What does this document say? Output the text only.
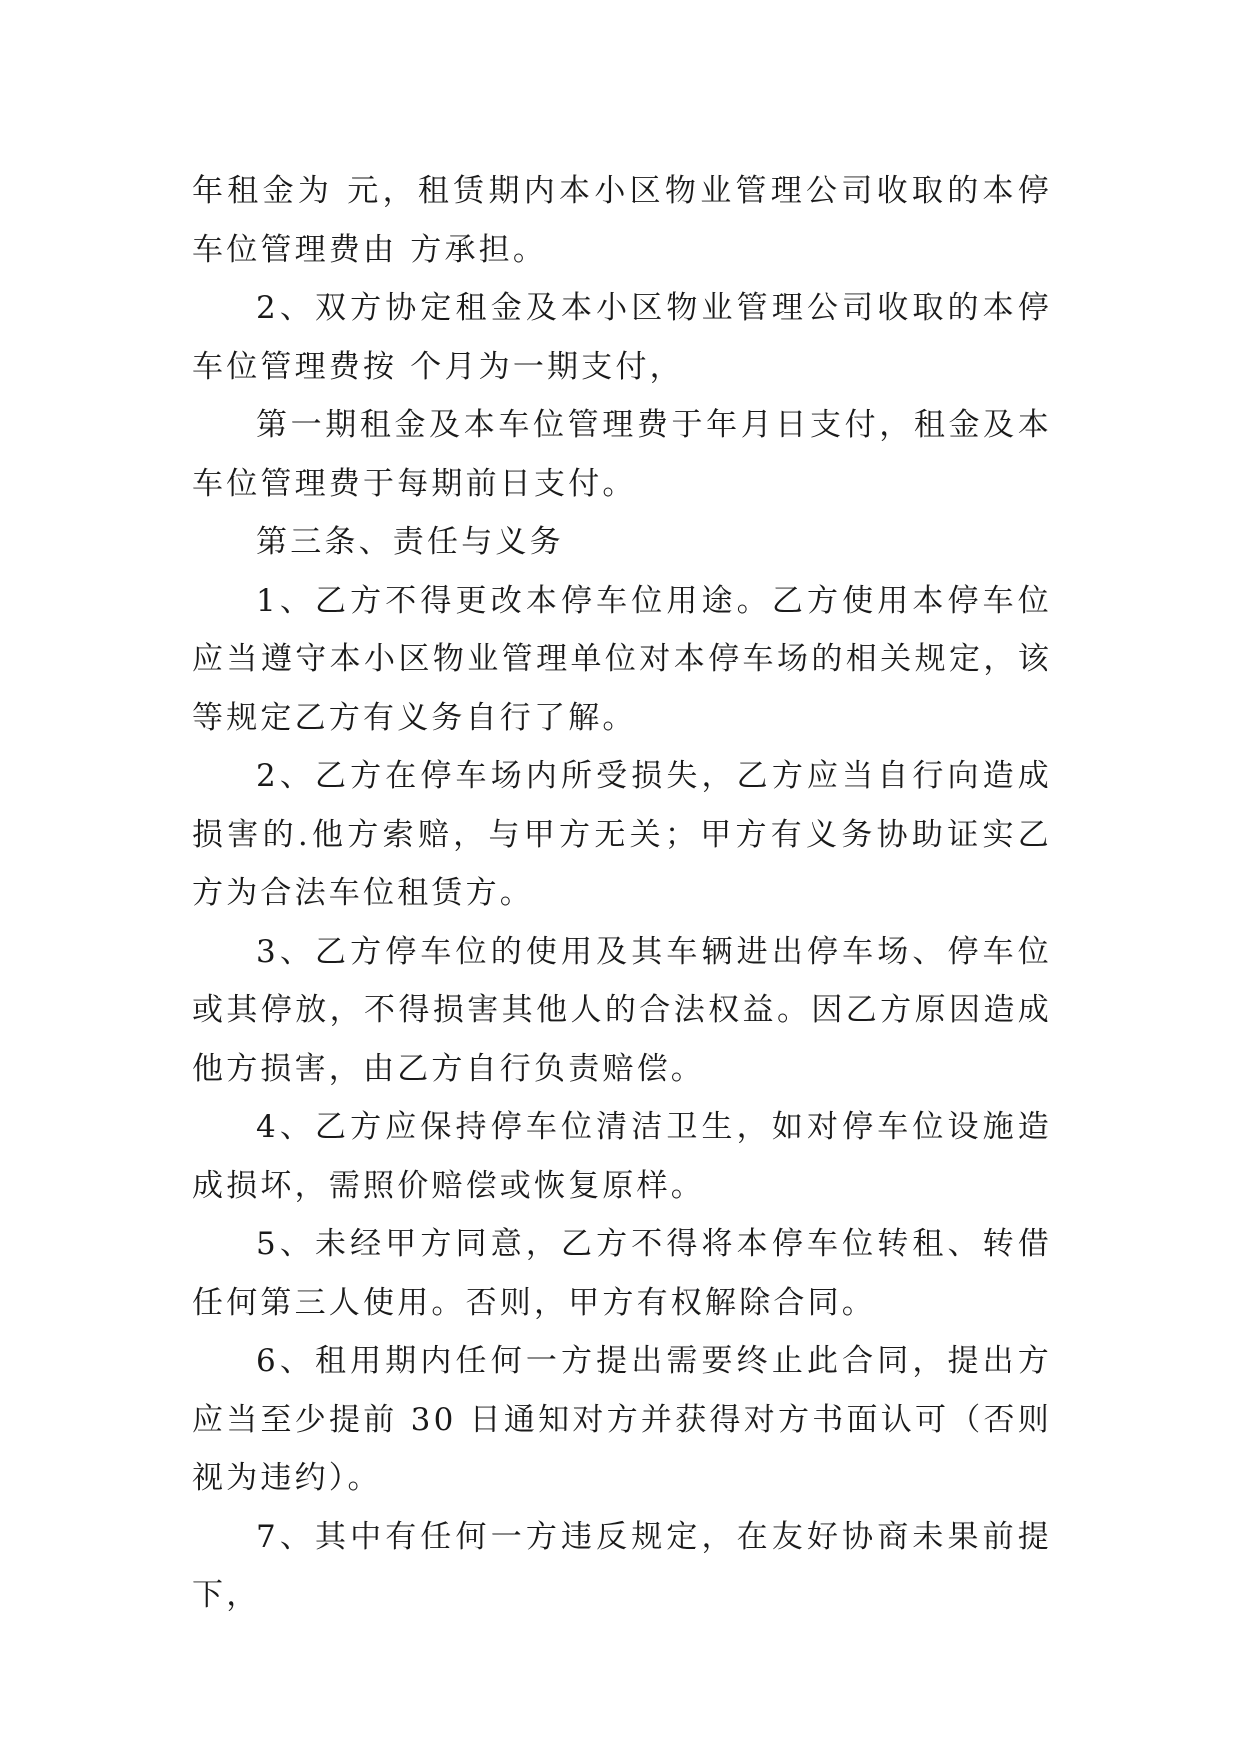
年租金为 元，租赁期内本小区物业管理公司收取的本停车位管理费由 方承担。

2、双方协定租金及本小区物业管理公司收取的本停车位管理费按 个月为一期支付，

第一期租金及本车位管理费于年月日支付，租金及本车位管理费于每期前日支付。

第三条、责任与义务

1、乙方不得更改本停车位用途。乙方使用本停车位应当遵守本小区物业管理单位对本停车场的相关规定，该等规定乙方有义务自行了解。

2、乙方在停车场内所受损失，乙方应当自行向造成损害的.他方索赔，与甲方无关；甲方有义务协助证实乙方为合法车位租赁方。

3、乙方停车位的使用及其车辆进出停车场、停车位或其停放，不得损害其他人的合法权益。因乙方原因造成他方损害，由乙方自行负责赔偿。

4、乙方应保持停车位清洁卫生，如对停车位设施造成损坏，需照价赔偿或恢复原样。

5、未经甲方同意，乙方不得将本停车位转租、转借任何第三人使用。否则，甲方有权解除合同。

6、租用期内任何一方提出需要终止此合同，提出方应当至少提前 30 日通知对方并获得对方书面认可（否则视为违约）。

7、其中有任何一方违反规定，在友好协商未果前提下，
